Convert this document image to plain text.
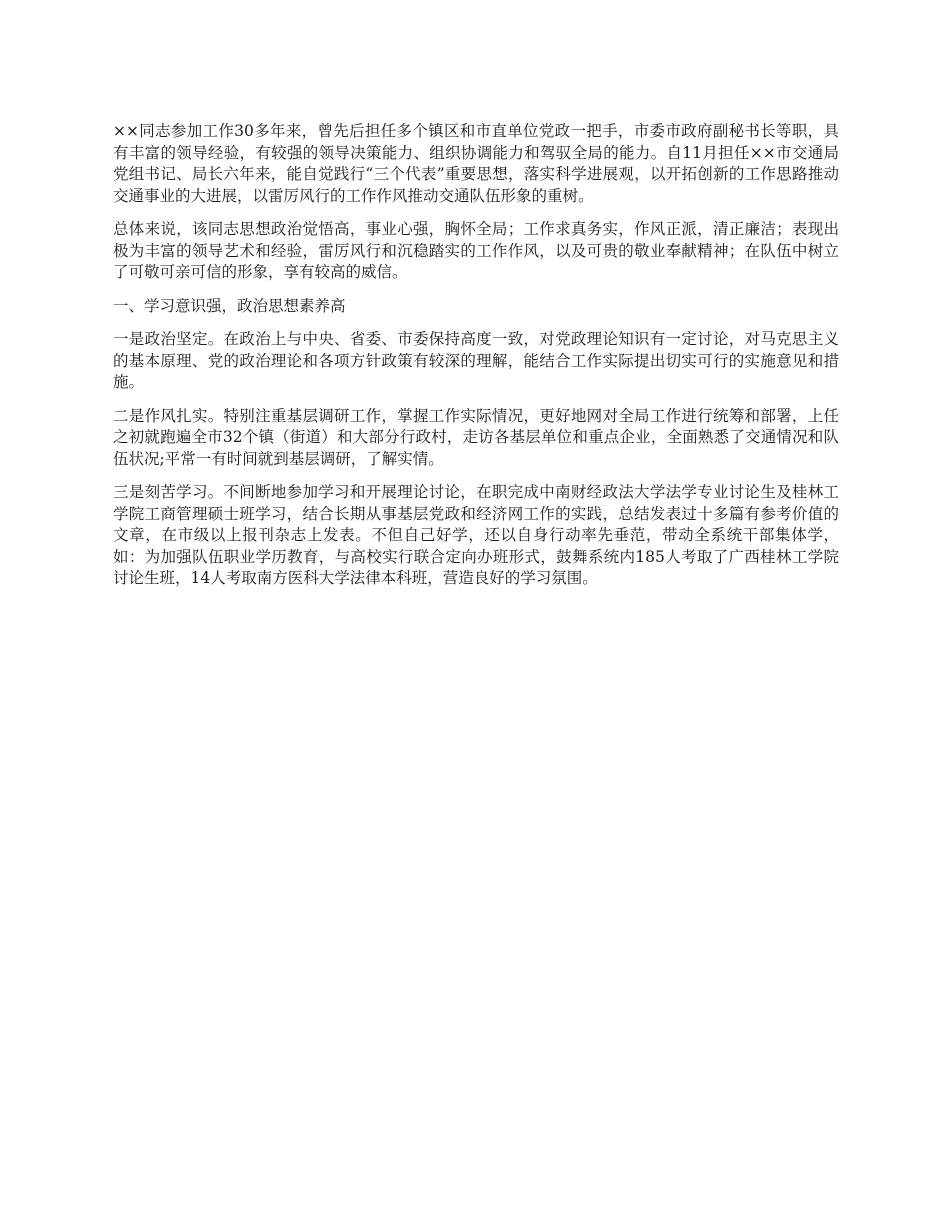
××同志参加工作30多年来，曾先后担任多个镇区和市直单位党政一把手，市委市政府副秘书长等职，具有丰富的领导经验，有较强的领导决策能力、组织协调能力和驾驭全局的能力。自11月担任××市交通局党组书记、局长六年来，能自觉践行“三个代表”重要思想，落实科学进展观，以开拓创新的工作思路推动交通事业的大进展，以雷厉风行的工作作风推动交通队伍形象的重树。

总体来说，该同志思想政治觉悟高，事业心强，胸怀全局；工作求真务实，作风正派，清正廉洁；表现出极为丰富的领导艺术和经验，雷厉风行和沉稳踏实的工作作风，以及可贵的敬业奉献精神；在队伍中树立了可敬可亲可信的形象，享有较高的威信。

一、学习意识强，政治思想素养高

一是政治坚定。在政治上与中央、省委、市委保持高度一致，对党政理论知识有一定讨论，对马克思主义的基本原理、党的政治理论和各项方针政策有较深的理解，能结合工作实际提出切实可行的实施意见和措施。

二是作风扎实。特别注重基层调研工作，掌握工作实际情况，更好地网对全局工作进行统筹和部署，上任之初就跑遍全市32个镇（街道）和大部分行政村，走访各基层单位和重点企业，全面熟悉了交通情况和队伍状况;平常一有时间就到基层调研，了解实情。

三是刻苦学习。不间断地参加学习和开展理论讨论，在职完成中南财经政法大学法学专业讨论生及桂林工学院工商管理硕士班学习，结合长期从事基层党政和经济网工作的实践，总结发表过十多篇有参考价值的文章，在市级以上报刊杂志上发表。不但自己好学，还以自身行动率先垂范，带动全系统干部集体学，如：为加强队伍职业学历教育，与高校实行联合定向办班形式，鼓舞系统内185人考取了广西桂林工学院讨论生班，14人考取南方医科大学法律本科班，营造良好的学习氛围。
